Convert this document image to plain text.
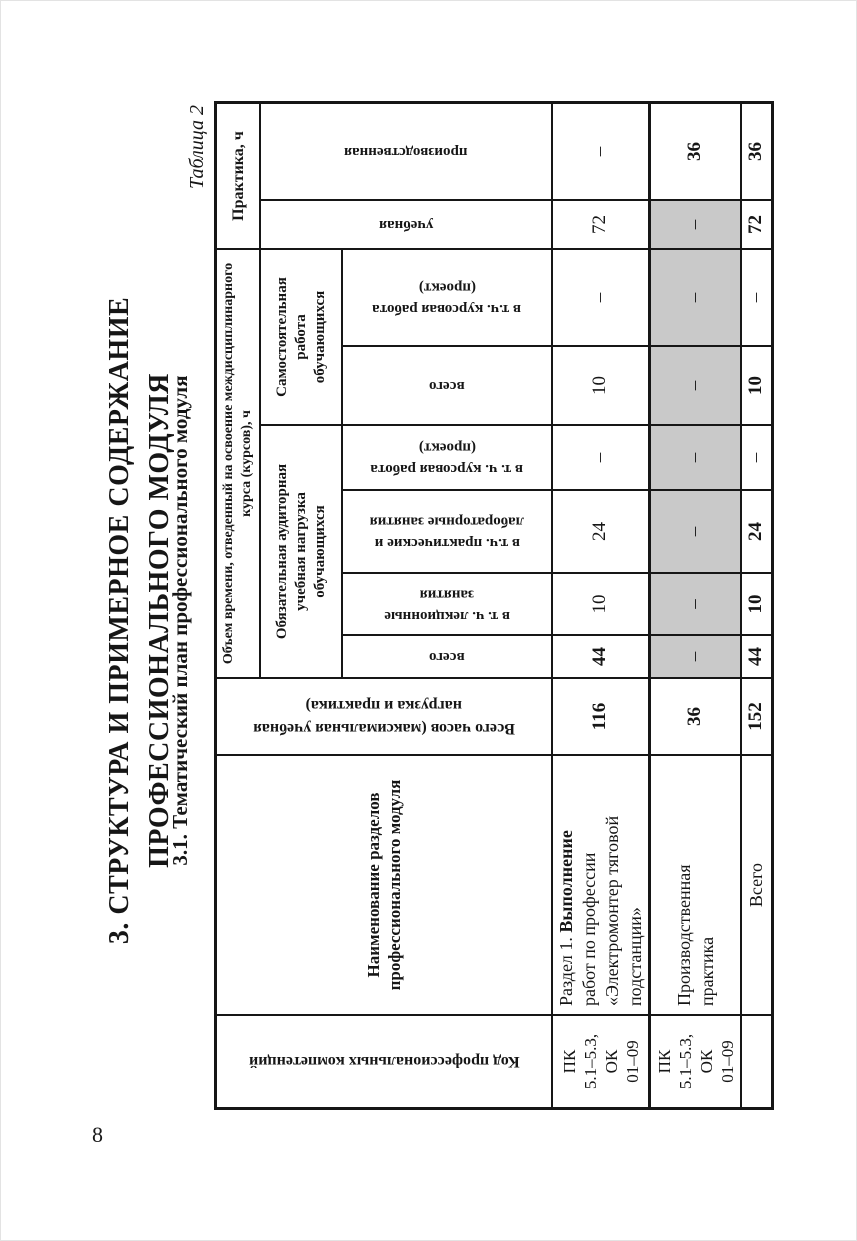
3. СТРУКТУРА И ПРИМЕРНОЕ СОДЕРЖАНИЕ ПРОФЕССИОНАЛЬНОГО МОДУЛЯ
3.1. Тематический план профессионального модуля
Таблица 2
Код профессиональных компетенций
Наименование разделов профессионального модуля
Всего часов (максимальная учебная нагрузка и практика)
Объем времени, отведенный на освоение междисциплинарного курса (курсов), ч
Обязательная аудиторная учебная нагрузка обучающихся
Самостоятельная работа обучающихся
всего
в т. ч. лекционные занятия
в т.ч. практические и лабораторные занятия
в т. ч. курсовая работа (проект)
всего
в т.ч. курсовая работа (проект)
Практика, ч
учебная
производственная
ПК 5.1–5.3, ОК 01–09
Раздел 1. Выполнение работ по профессии «Электромонтер тяговой подстанции»
116
44
10
24
–
10
–
72
–
ПК 5.1–5.3, ОК 01–09
Производственная практика
36
–
–
–
–
–
–
–
36
Всего
152
44
10
24
–
10
–
72
36
8
